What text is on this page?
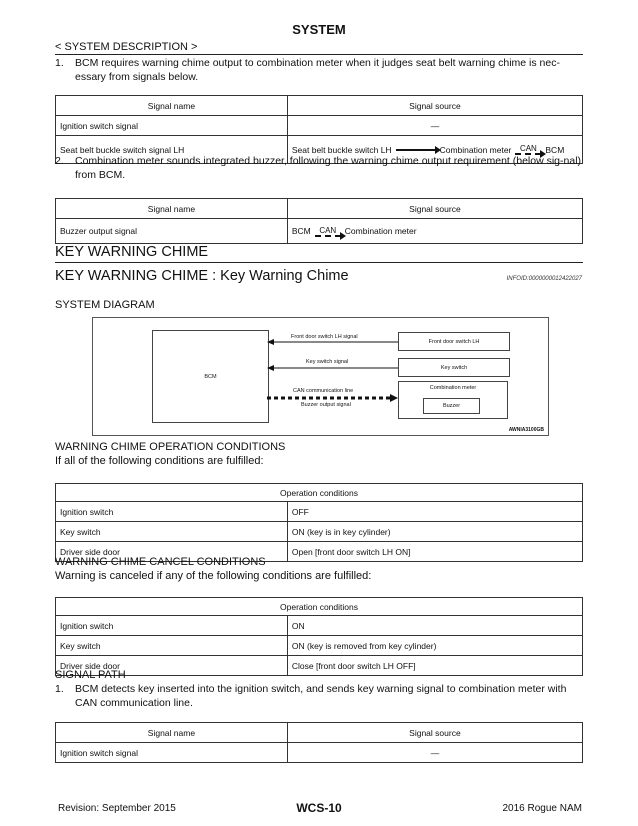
SYSTEM
< SYSTEM DESCRIPTION >
1. BCM requires warning chime output to combination meter when it judges seat belt warning chime is nec-essary from signals below.
Signal name	Signal source
Ignition switch signal	—
Seat belt buckle switch signal LH	Seat belt buckle switch LH Combination meter CAN BCM
2. Combination meter sounds integrated buzzer, following the warning chime output requirement (below sig-nal) from BCM.
Signal name	Signal source
Buzzer output signal	BCM CAN Combination meter
KEY WARNING CHIME
KEY WARNING CHIME : Key Warning Chime	INFOID:0000000012422027
SYSTEM DIAGRAM
BCM
Front door switch LH
Key switch
Combination meter
Buzzer
Front door switch LH signal
Key switch signal
CAN communication line
Buzzer output signal
AWNIA3100GB
WARNING CHIME OPERATION CONDITIONS
If all of the following conditions are fulfilled:
Operation conditions	
Ignition switch	OFF
Key switch	ON (key is in key cylinder)
Driver side door	Open [front door switch LH ON]
WARNING CHIME CANCEL CONDITIONS
Warning is canceled if any of the following conditions are fulfilled:
Operation conditions	
Ignition switch	ON
Key switch	ON (key is removed from key cylinder)
Driver side door	Close [front door switch LH OFF]
SIGNAL PATH
1. BCM detects key inserted into the ignition switch, and sends key warning signal to combination meter with CAN communication line.
Signal name	Signal source
Ignition switch signal	—
Revision: September 2015	WCS-10	2016 Rogue NAM
